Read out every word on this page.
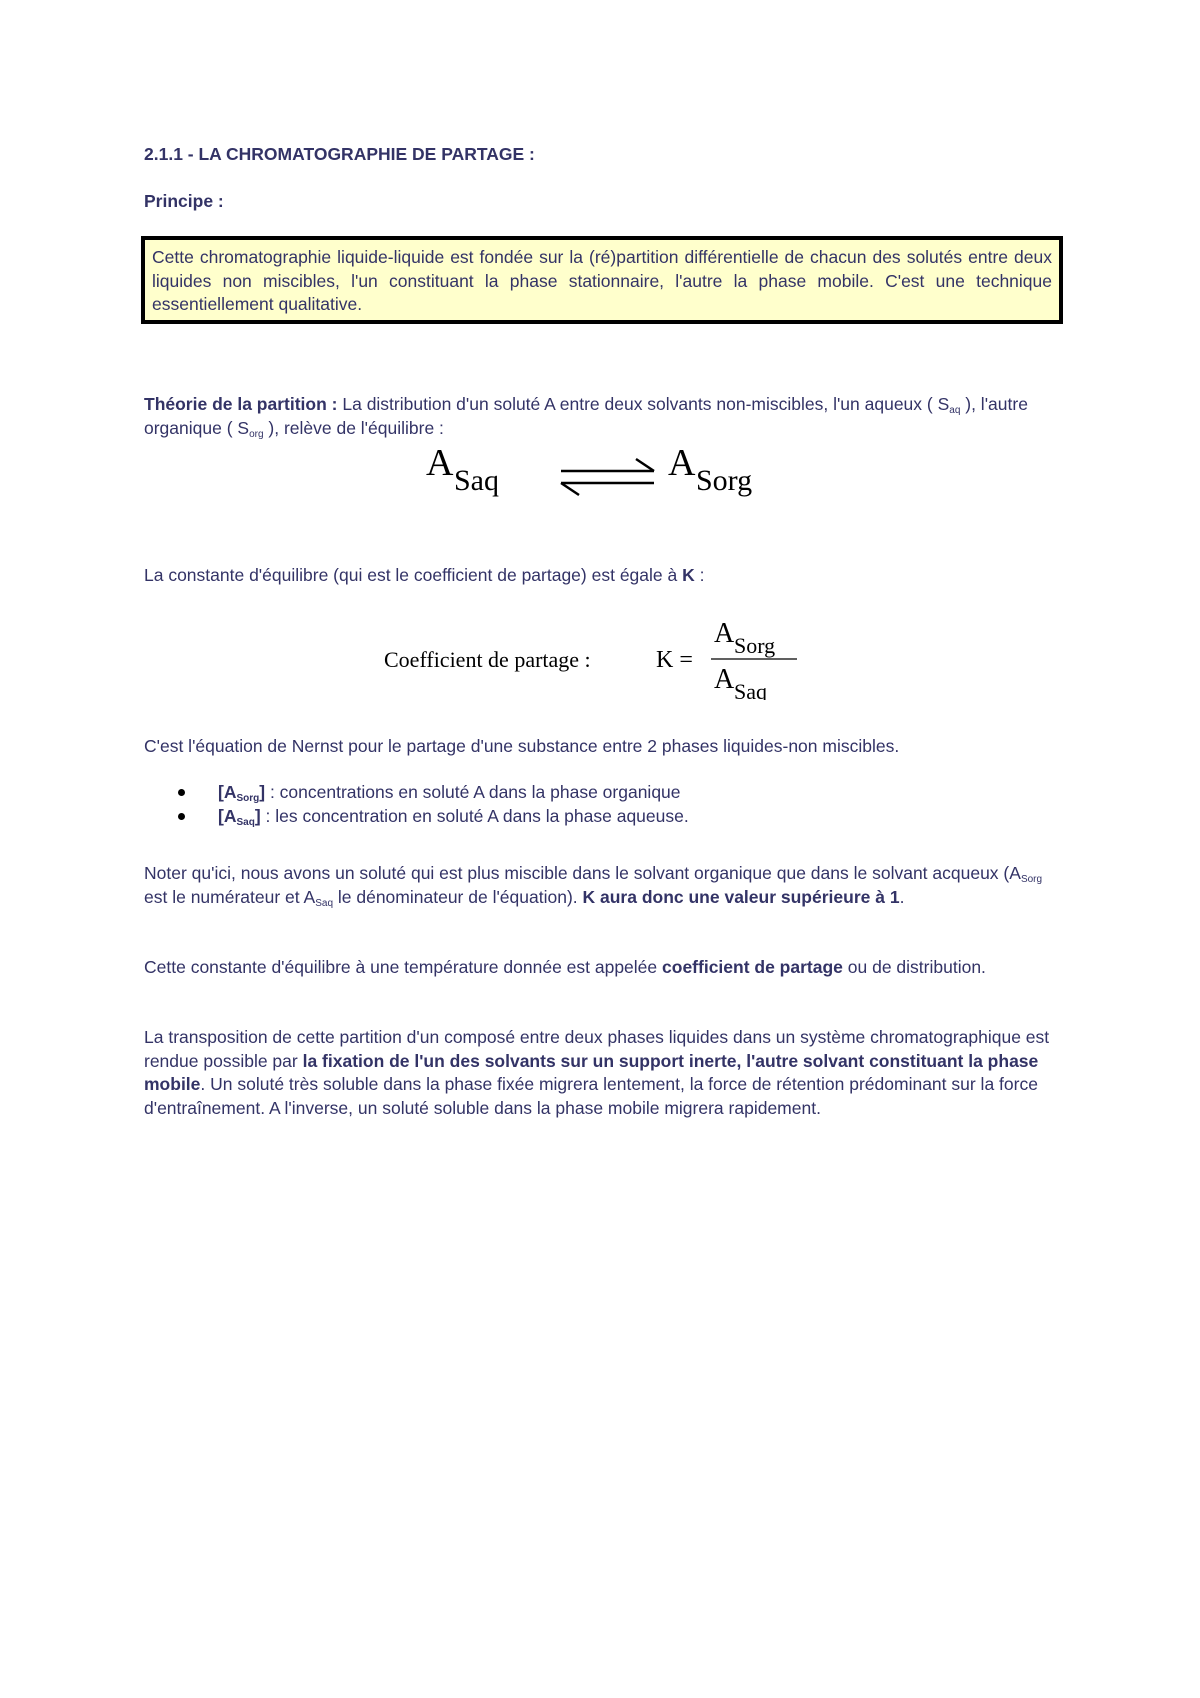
2.1.1 - LA CHROMATOGRAPHIE DE PARTAGE :
Principe :
Cette chromatographie liquide-liquide est fondée sur la (ré)partition différentielle de chacun des solutés entre deux liquides non miscibles, l'un constituant la phase stationnaire, l'autre la phase mobile. C'est une technique essentiellement qualitative.
Théorie de la partition : La distribution d'un soluté A entre deux solvants non-miscibles, l'un aqueux ( $S_{aq}$ ), l'autre organique ( $S_{org}$ ), relève de l'équilibre :
A Saq	A Sorg
La constante d'équilibre (qui est le coefficient de partage) est égale à K :
Coefficient de partage :	K =
A Sorg
A Saq
C'est l'équation de Nernst pour le partage d'une substance entre 2 phases liquides-non miscibles.
$[A_{Sorg}]$ : concentrations en soluté A dans la phase organique
$[A_{Saq}]$ : les concentration en soluté A dans la phase aqueuse.
Noter qu'ici, nous avons un soluté qui est plus miscible dans le solvant organique que dans le solvant acqueux ($A_{Sorg}$ est le numérateur et $A_{Saq}$ le dénominateur de l'équation). K aura donc une valeur supérieure à 1.
Cette constante d'équilibre à une température donnée est appelée coefficient de partage ou de distribution.
La transposition de cette partition d'un composé entre deux phases liquides dans un système chromatographique est rendue possible par la fixation de l'un des solvants sur un support inerte, l'autre solvant constituant la phase mobile. Un soluté très soluble dans la phase fixée migrera lentement, la force de rétention prédominant sur la force d'entraînement. A l'inverse, un soluté soluble dans la phase mobile migrera rapidement.
